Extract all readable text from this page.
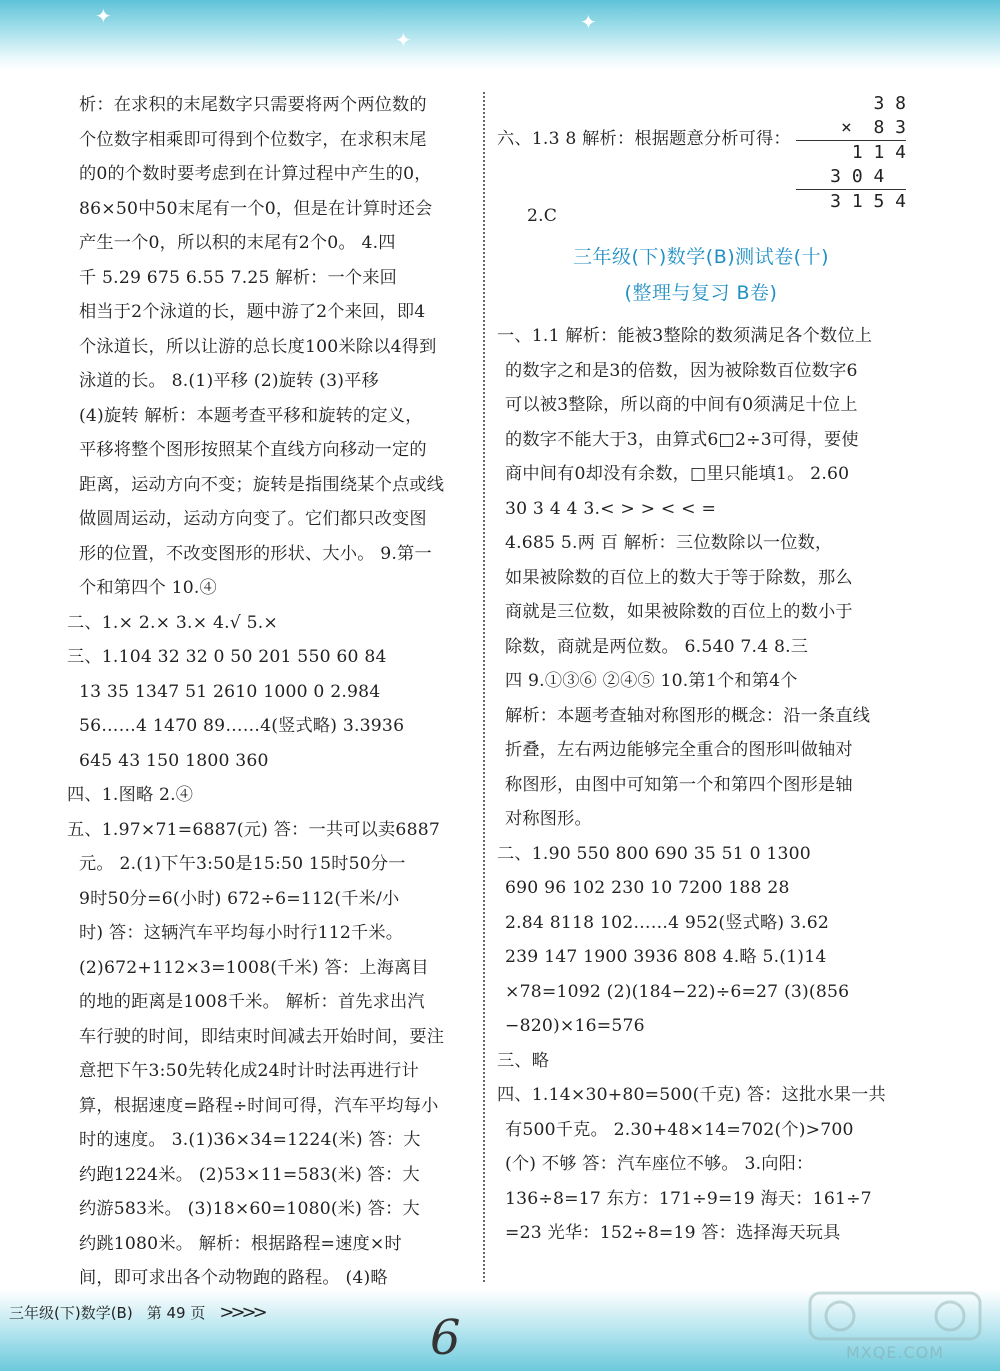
✦
✦
✦
析：在求积的末尾数字只需要将两个两位数的
个位数字相乘即可得到个位数字，在求积末尾
的0的个数时要考虑到在计算过程中产生的0，
86×50中50末尾有一个0，但是在计算时还会
产生一个0，所以积的末尾有2个0。 4.四
千 5.29 675 6.55 7.25 解析：一个来回
相当于2个泳道的长，题中游了2个来回，即4
个泳道长，所以让游的总长度100米除以4得到
泳道的长。 8.(1)平移 (2)旋转 (3)平移
(4)旋转 解析：本题考查平移和旋转的定义，
平移将整个图形按照某个直线方向移动一定的
距离，运动方向不变；旋转是指围绕某个点或线
做圆周运动，运动方向变了。它们都只改变图
形的位置，不改变图形的形状、大小。 9.第一
个和第四个 10.④
二、1.× 2.× 3.× 4.√ 5.×
三、1.104 32 32 0 50 201 550 60 84
13 35 1347 51 2610 1000 0 2.984
56……4 1470 89……4(竖式略) 3.3936
645 43 150 1800 360
四、1.图略 2.④
五、1.97×71=6887(元) 答：一共可以卖6887
元。 2.(1)下午3:50是15:50 15时50分一
9时50分=6(小时) 672÷6=112(千米/小
时) 答：这辆汽车平均每小时行112千米。
(2)672+112×3=1008(千米) 答：上海离目
的地的距离是1008千米。 解析：首先求出汽
车行驶的时间，即结束时间减去开始时间，要注
意把下午3:50先转化成24时计时法再进行计
算，根据速度=路程÷时间可得，汽车平均每小
时的速度。 3.(1)36×34=1224(米) 答：大
约跑1224米。 (2)53×11=583(米) 答：大
约游583米。 (3)18×60=1080(米) 答：大
约跳1080米。 解析：根据路程=速度×时
间，即可求出各个动物跑的路程。 (4)略
六、1.3 8 解析：根据题意分析可得：
2.C
三年级(下)数学(B)测试卷(十)
(整理与复习 B卷)
一、1.1 解析：能被3整除的数须满足各个数位上
的数字之和是3的倍数，因为被除数百位数字6
可以被3整除，所以商的中间有0须满足十位上
的数字不能大于3，由算式6□2÷3可得，要使
商中间有0却没有余数，□里只能填1。 2.60
30 3 4 4 3.< > > < < =
4.685 5.两 百 解析：三位数除以一位数，
如果被除数的百位上的数大于等于除数，那么
商就是三位数，如果被除数的百位上的数小于
除数，商就是两位数。 6.540 7.4 8.三
四 9.①③⑥ ②④⑤ 10.第1个和第4个
解析：本题考查轴对称图形的概念：沿一条直线
折叠，左右两边能够完全重合的图形叫做轴对
称图形，由图中可知第一个和第四个图形是轴
对称图形。
二、1.90 550 800 690 35 51 0 1300
690 96 102 230 10 7200 188 28
2.84 8118 102……4 952(竖式略) 3.62
239 147 1900 3936 808 4.略 5.(1)14
×78=1092 (2)(184−22)÷6=27 (3)(856
−820)×16=576
三、略
四、1.14×30+80=500(千克) 答：这批水果一共
有500千克。 2.30+48×14=702(个)>700
(个) 不够 答：汽车座位不够。 3.向阳：
136÷8=17 东方：171÷9=19 海天：161÷7
=23 光华：152÷8=19 答：选择海天玩具
3 8
×  8 3
1 1 4
3 0 4
3 1 5 4
三年级(下)数学(B) 第 49 页 >>>>	6	MXQE.COM
